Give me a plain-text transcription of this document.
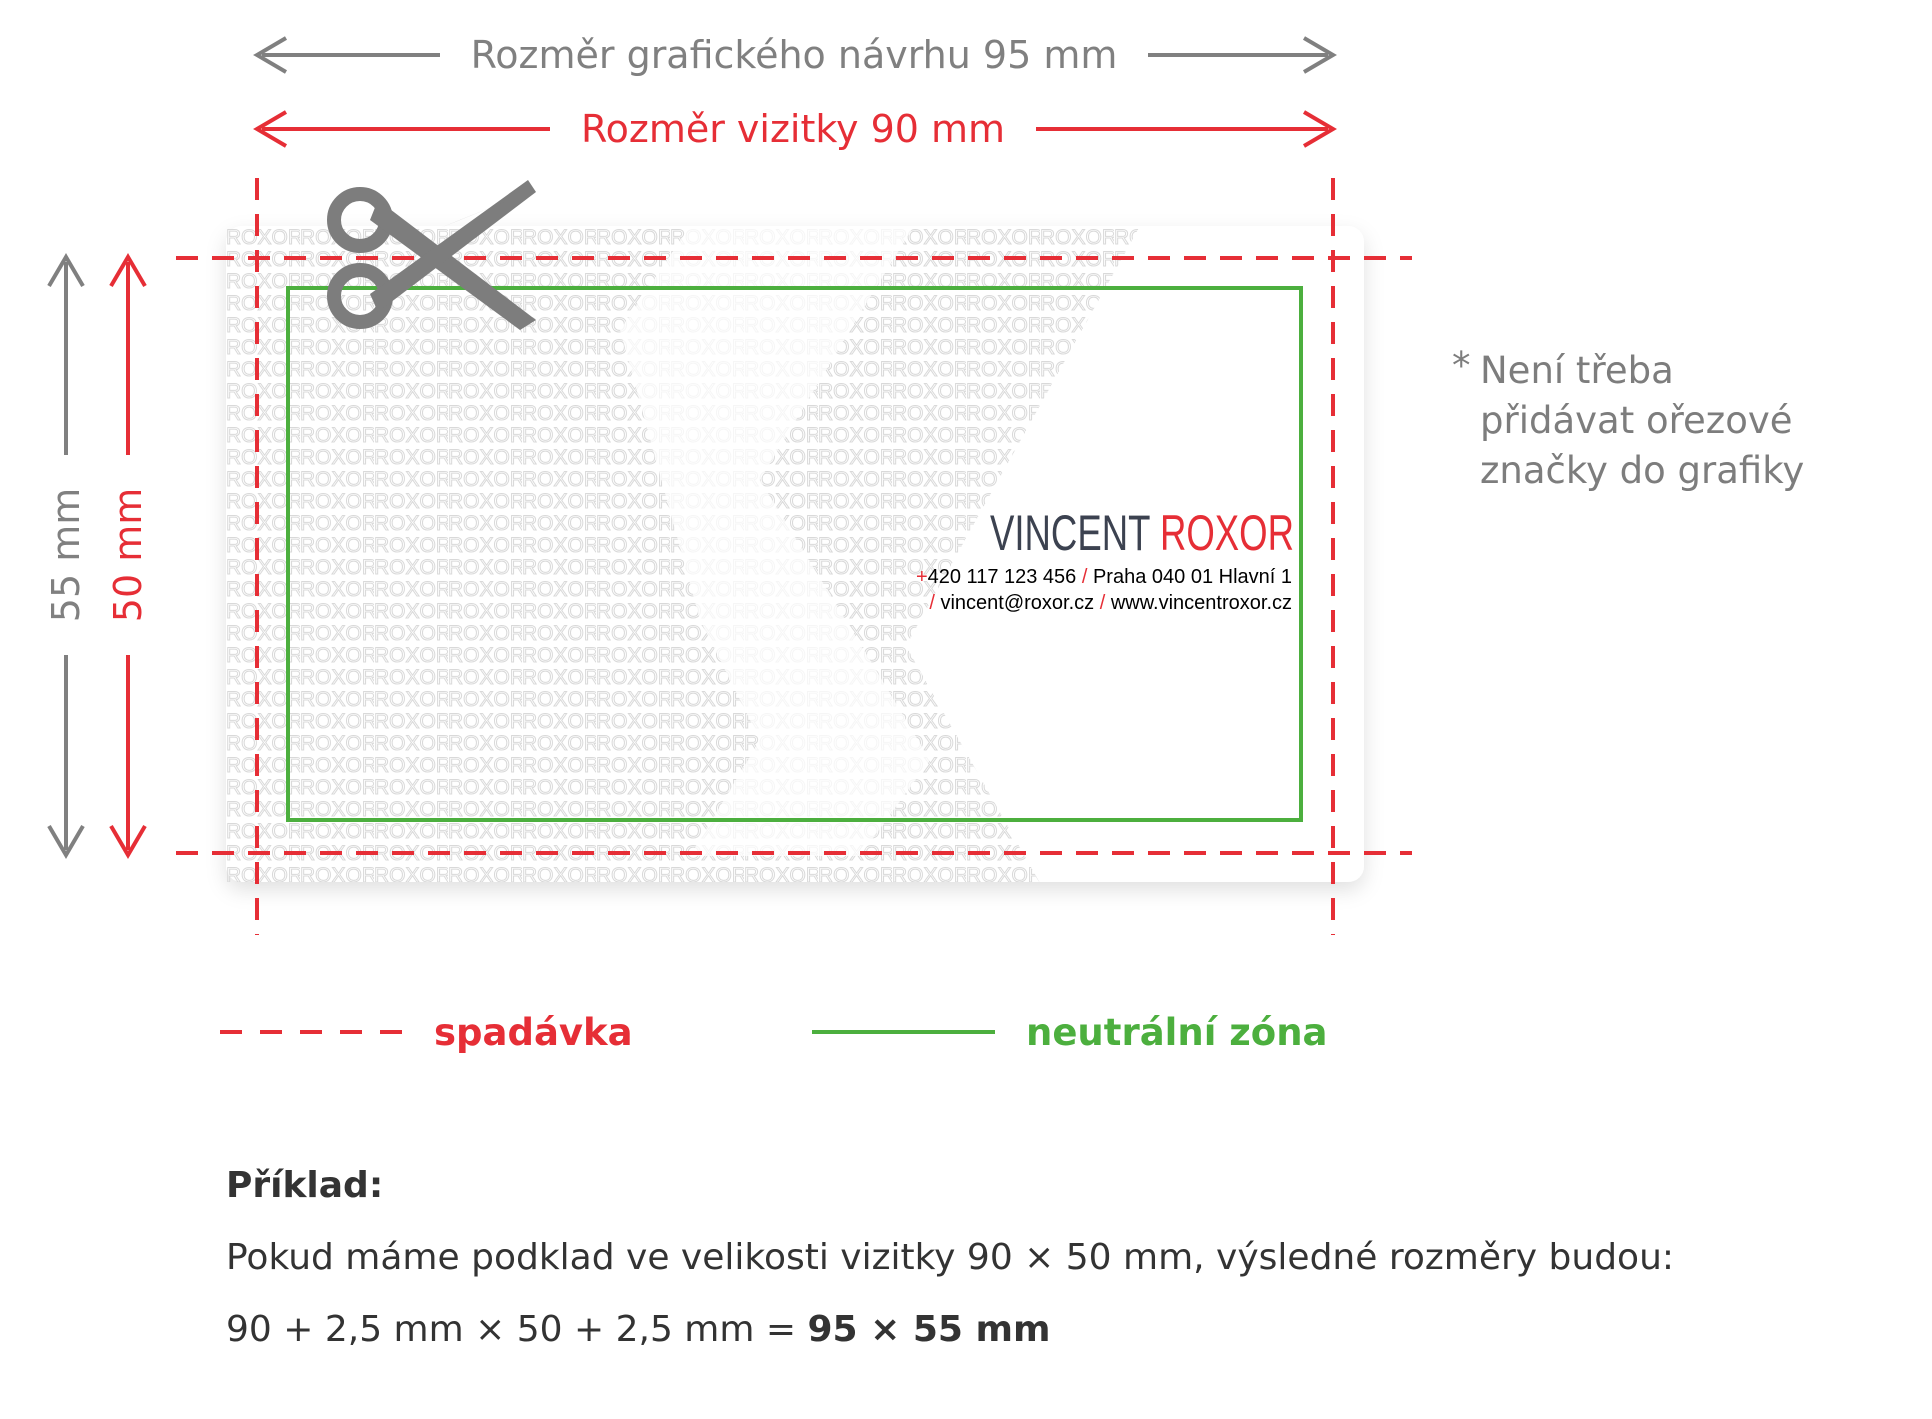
Rozměr grafického návrhu 95 mm
Rozměr vizitky 90 mm
55 mm 50 mm	VINCENT ROXOR
+420 117 123 456 / Praha 040 01 Hlavní 1
/ vincent@roxor.cz / www.vincentroxor.cz
* Není třeba
přidávat ořezové
značky do grafiky
spadávka	neutrální zóna

Příklad:

Pokud máme podklad ve velikosti vizitky 90 × 50 mm, výsledné rozměry budou:

90 + 2,5 mm × 50 + 2,5 mm = 95 × 55 mm
